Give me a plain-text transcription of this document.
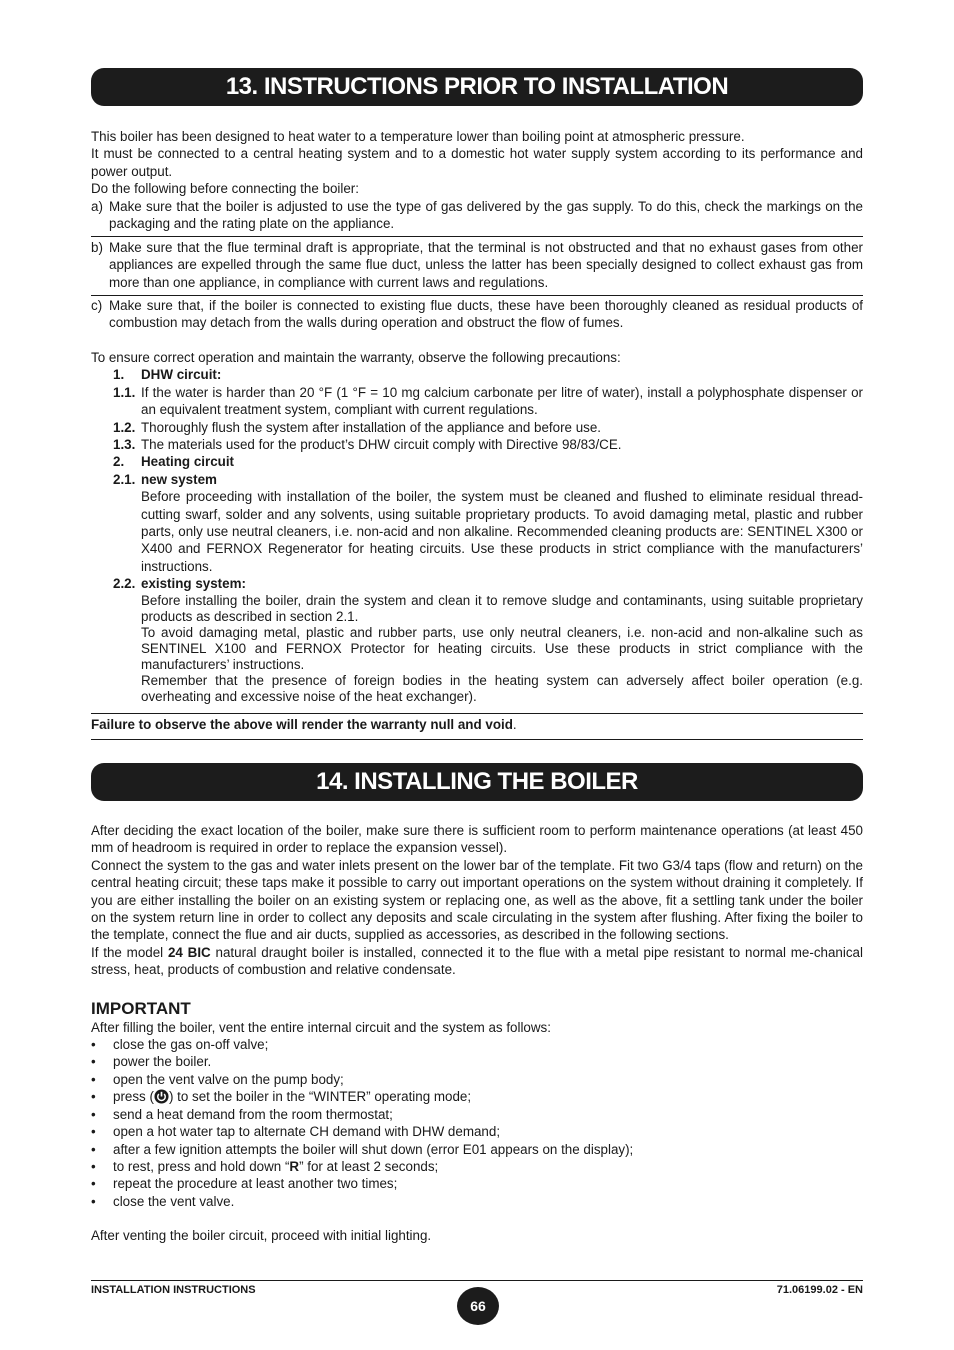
13. INSTRUCTIONS PRIOR TO INSTALLATION

This boiler has been designed to heat water to a temperature lower than boiling point at atmospheric pressure.

It must be connected to a central heating system and to a domestic hot water supply system according to its performance and power output.

Do the following before connecting the boiler:

a) Make sure that the boiler is adjusted to use the type of gas delivered by the gas supply. To do this, check the markings on the packaging and the rating plate on the appliance.
b) Make sure that the flue terminal draft is appropriate, that the terminal is not obstructed and that no exhaust gases from other appliances are expelled through the same flue duct, unless the latter has been specially designed to collect exhaust gas from more than one appliance, in compliance with current laws and regulations.
c) Make sure that, if the boiler is connected to existing flue ducts, these have been thoroughly cleaned as residual products of combustion may detach from the walls during operation and obstruct the flow of fumes.

To ensure correct operation and maintain the warranty, observe the following precautions:

1. DHW circuit:
1.1. If the water is harder than 20 °F (1 °F = 10 mg calcium carbonate per litre of water), install a polyphosphate dispenser or an equivalent treatment system, compliant with current regulations.
1.2. Thoroughly flush the system after installation of the appliance and before use.
1.3. The materials used for the product’s DHW circuit comply with Directive 98/83/CE.
2. Heating circuit
2.1. new system

Before proceeding with installation of the boiler, the system must be cleaned and flushed to eliminate residual thread-cutting swarf, solder and any solvents, using suitable proprietary products. To avoid damaging metal, plastic and rubber parts, only use neutral cleaners, i.e. non-acid and non alkaline. Recommended cleaning products are: SENTINEL X300 or X400 and FERNOX Regenerator for heating circuits. Use these products in strict compliance with the manufacturers’ instructions.

2.2. existing system:

Before installing the boiler, drain the system and clean it to remove sludge and contaminants, using suitable proprietary products as described in section 2.1.

To avoid damaging metal, plastic and rubber parts, use only neutral cleaners, i.e. non-acid and non-alkaline such as SENTINEL X100 and FERNOX Protector for heating circuits. Use these products in strict compliance with the manufacturers’ instructions.

Remember that the presence of foreign bodies in the heating system can adversely affect boiler operation (e.g. overheating and excessive noise of the heat exchanger).

Failure to observe the above will render the warranty null and void.
14. INSTALLING THE BOILER

After deciding the exact location of the boiler, make sure there is sufficient room to perform maintenance operations (at least 450 mm of headroom is required in order to replace the expansion vessel).

Connect the system to the gas and water inlets present on the lower bar of the template. Fit two G3/4 taps (flow and return) on the central heating circuit; these taps make it possible to carry out important operations on the system without draining it completely. If you are either installing the boiler on an existing system or replacing one, as well as the above, fit a settling tank under the boiler on the system return line in order to collect any deposits and scale circulating in the system after flushing. After fixing the boiler to the template, connect the flue and air ducts, supplied as accessories, as described in the following sections.

If the model 24 BIC natural draught boiler is installed, connected it to the flue with a metal pipe resistant to normal me-chanical stress, heat, products of combustion and relative condensate.

IMPORTANT

After filling the boiler, vent the entire internal circuit and the system as follows:

• close the gas on-off valve;
• power the boiler.
• open the vent valve on the pump body;
• press ( ) to set the boiler in the “WINTER” operating mode;
• send a heat demand from the room thermostat;
• open a hot water tap to alternate CH demand with DHW demand;
• after a few ignition attempts the boiler will shut down (error E01 appears on the display);
• to rest, press and hold down “R” for at least 2 seconds;
• repeat the procedure at least another two times;
• close the vent valve.

After venting the boiler circuit, proceed with initial lighting.

INSTALLATION INSTRUCTIONS
66
71.06199.02 - EN
